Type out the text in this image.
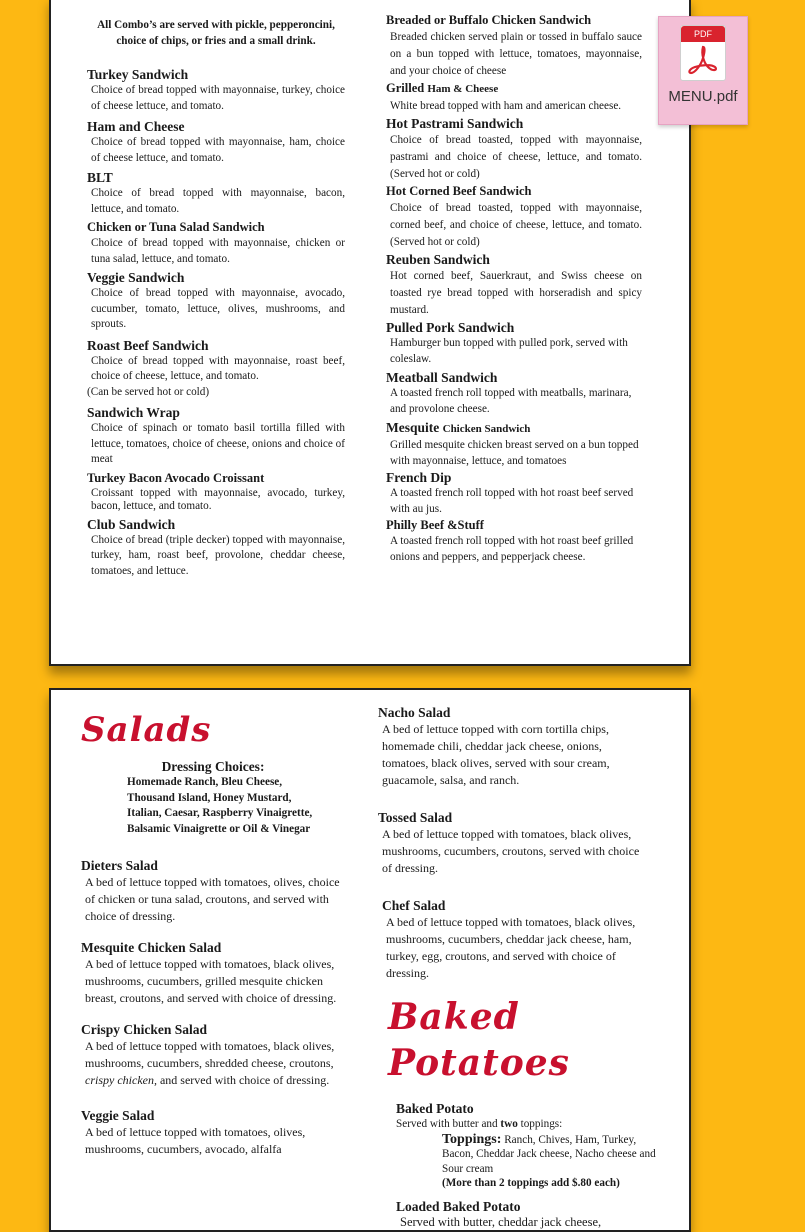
All Combo’s are served with pickle, pepperoncini, choice of chips, or fries and a small drink.

Turkey Sandwich
Choice of bread topped with mayonnaise, turkey, choice of cheese lettuce, and tomato.
Ham and Cheese
Choice of bread topped with mayonnaise, ham, choice of cheese lettuce, and tomato.
BLT
Choice of bread topped with mayonnaise, bacon, lettuce, and tomato.
Chicken or Tuna Salad Sandwich
Choice of bread topped with mayonnaise, chicken or tuna salad, lettuce, and tomato.
Veggie Sandwich
Choice of bread topped with mayonnaise, avocado, cucumber, tomato, lettuce, olives, mushrooms, and sprouts.
Roast Beef Sandwich
Choice of bread topped with mayonnaise, roast beef, choice of cheese, lettuce, and tomato.
(Can be served hot or cold)
Sandwich Wrap
Choice of spinach or tomato basil tortilla filled with lettuce, tomatoes, choice of cheese, onions and choice of meat
Turkey Bacon Avocado Croissant
Croissant topped with mayonnaise, avocado, turkey, bacon, lettuce, and tomato.
Club Sandwich
Choice of bread (triple decker) topped with mayonnaise, turkey, ham, roast beef, provolone, cheddar cheese, tomatoes, and lettuce.
Breaded or Buffalo Chicken Sandwich
Breaded chicken served plain or tossed in buffalo sauce on a bun topped with lettuce, tomatoes, mayonnaise, and your choice of cheese
Grilled Ham & Cheese
White bread topped with ham and american cheese.
Hot Pastrami Sandwich
Choice of bread toasted, topped with mayonnaise, pastrami and choice of cheese, lettuce, and tomato. (Served hot or cold)
Hot Corned Beef Sandwich
Choice of bread toasted, topped with mayonnaise, corned beef, and choice of cheese, lettuce, and tomato. (Served hot or cold)
Reuben Sandwich
Hot corned beef, Sauerkraut, and Swiss cheese on toasted rye bread topped with horseradish and spicy mustard.
Pulled Pork Sandwich
Hamburger bun topped with pulled pork, served with coleslaw.
Meatball Sandwich
A toasted french roll topped with meatballs, marinara, and provolone cheese.
Mesquite Chicken Sandwich
Grilled mesquite chicken breast served on a bun topped with mayonnaise, lettuce, and tomatoes
French Dip
A toasted french roll topped with hot roast beef served with au jus.
Philly Beef &Stuff
A toasted french roll topped with hot roast beef grilled onions and peppers, and pepperjack cheese.
PDF
MENU.pdf
Salads
Dressing Choices:
Homemade Ranch, Bleu Cheese,
Thousand Island, Honey Mustard,
Italian, Caesar, Raspberry Vinaigrette,
Balsamic Vinaigrette or Oil & Vinegar
Dieters Salad
A bed of lettuce topped with tomatoes, olives, choice of chicken or tuna salad, croutons, and served with choice of dressing.
Mesquite Chicken Salad
A bed of lettuce topped with tomatoes, black olives, mushrooms, cucumbers, grilled mesquite chicken breast, croutons, and served with choice of dressing.
Crispy Chicken Salad
A bed of lettuce topped with tomatoes, black olives, mushrooms, cucumbers, shredded cheese, croutons, crispy chicken, and served with choice of dressing.
Veggie Salad
A bed of lettuce topped with tomatoes, olives, mushrooms, cucumbers, avocado, alfalfa
Nacho Salad
A bed of lettuce topped with corn tortilla chips, homemade chili, cheddar jack cheese, onions, tomatoes, black olives, served with sour cream, guacamole, salsa, and ranch.
Tossed Salad
A bed of lettuce topped with tomatoes, black olives, mushrooms, cucumbers, croutons, served with choice of dressing.
Chef Salad
A bed of lettuce topped with tomatoes, black olives, mushrooms, cucumbers, cheddar jack cheese, ham, turkey, egg, croutons, and served with choice of dressing.
Baked Potatoes
Baked Potato
Served with butter and two toppings:
Toppings: Ranch, Chives, Ham, Turkey, Bacon, Cheddar Jack cheese, Nacho cheese and Sour cream
(More than 2 toppings add $.80 each)
Loaded Baked Potato
Served with butter, cheddar jack cheese,
